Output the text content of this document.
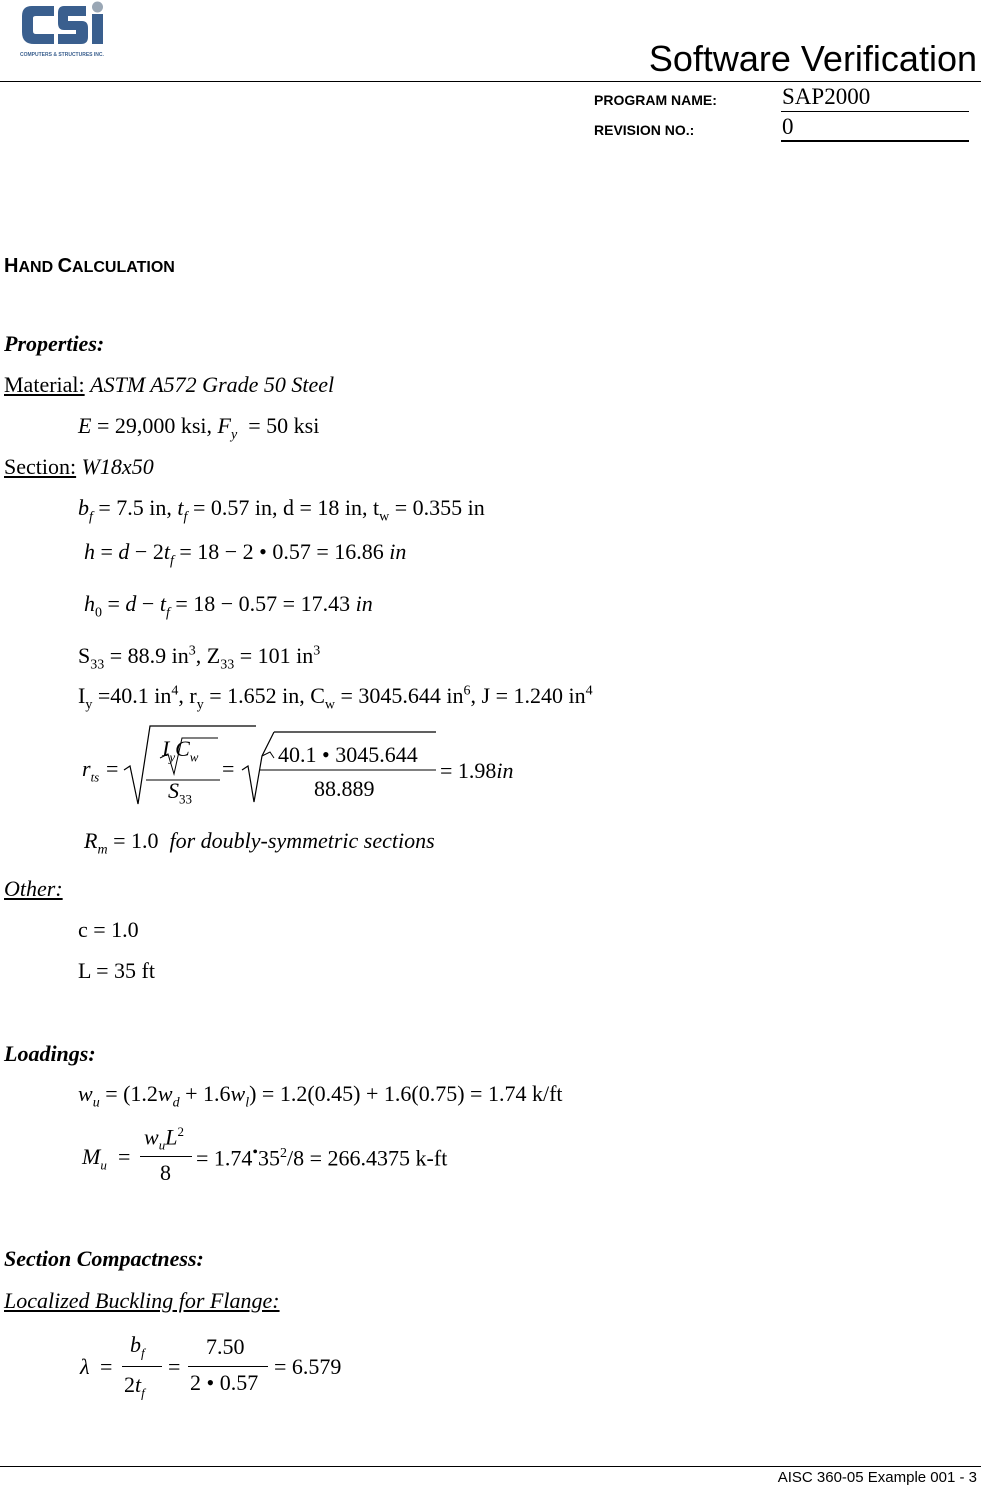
COMPUTERS & STRUCTURES INC.	Software Verification
PROGRAM NAME:	SAP2000
REVISION NO.:	0
HAND CALCULATION
Properties:
Material: ASTM A572 Grade 50 Steel
E = 29,000 ksi, $F_y = 50$ ksi
Section: W18x50
$b_f = 7.5$ in, $t_f = 0.57$ in, d = 18 in, $t_w = 0.355$ in
$h = d - 2t_f = 18 - 2$ • 0.57 = 16.86 in
$h_0 = d - t_f = 18 - 0.57 = 17.43$ in
$S_{33} = 88.9$ $in^3$, $Z_{33} = 101$ $in^3$
$I_y =40.1$ $in^4$, $r_y = 1.652$ in, $C_w = 3045.644$ $in^6$, J = 1.240 $in^4$
$r_{ts}$ =
$I_yC_w$
$S_{33}$
=
40.1 • 3045.644
88.889
= 1.98in
$R_m = 1.0$ for doubly-symmetric sections
Other:
c = 1.0
L = 35 ft
Loadings:
$w_u = (1.2w_d + 1.6w_l) = 1.2(0.45) + 1.6(0.75) = 1.74$ k/ft
$M_u$ =
$w_uL^2$
8
= $1.74^•35^2/8 = 266.4375$ k-ft
Section Compactness:
Localized Buckling for Flange:
λ =
$b_f$
$2t_f$
=
7.50
2 • 0.57
= 6.579
AISC 360-05 Example 001 - 3
